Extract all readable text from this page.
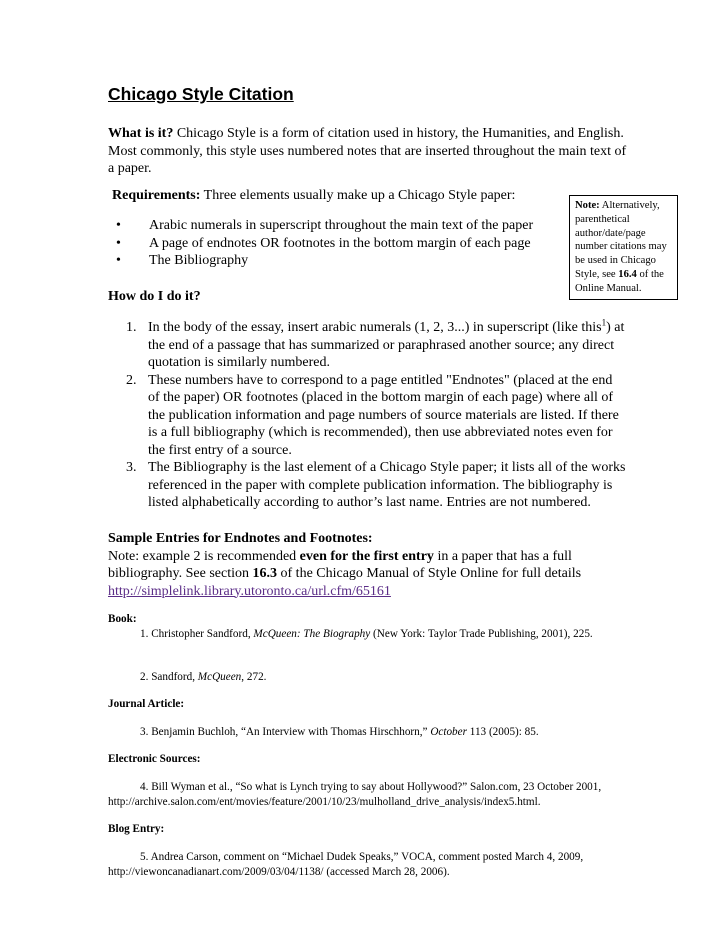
Chicago Style Citation
What is it? Chicago Style is a form of citation used in history, the Humanities, and English. Most commonly, this style uses numbered notes that are inserted throughout the main text of a paper.
Requirements: Three elements usually make up a Chicago Style paper:
• Arabic numerals in superscript throughout the main text of the paper
• A page of endnotes OR footnotes in the bottom margin of each page
• The Bibliography
Note: Alternatively, parenthetical author/date/page number citations may be used in Chicago Style, see 16.4 of the Online Manual.
How do I do it?
1. In the body of the essay, insert arabic numerals (1, 2, 3...) in superscript (like this$^1$) at the end of a passage that has summarized or paraphrased another source; any direct quotation is similarly numbered.
2. These numbers have to correspond to a page entitled "Endnotes" (placed at the end of the paper) OR footnotes (placed in the bottom margin of each page) where all of the publication information and page numbers of source materials are listed. If there is a full bibliography (which is recommended), then use abbreviated notes even for the first entry of a source.
3. The Bibliography is the last element of a Chicago Style paper; it lists all of the works referenced in the paper with complete publication information. The bibliography is listed alphabetically according to author’s last name. Entries are not numbered.
Sample Entries for Endnotes and Footnotes:
Note: example 2 is recommended even for the first entry in a paper that has a full bibliography. See section 16.3 of the Chicago Manual of Style Online for full details
http://simplelink.library.utoronto.ca/url.cfm/65161
Book:
1. Christopher Sandford, McQueen: The Biography (New York: Taylor Trade Publishing, 2001), 225.
2. Sandford, McQueen, 272.
Journal Article:
3. Benjamin Buchloh, “An Interview with Thomas Hirschhorn,” October 113 (2005): 85.
Electronic Sources:
4. Bill Wyman et al., “So what is Lynch trying to say about Hollywood?” Salon.com, 23 October 2001, http://archive.salon.com/ent/movies/feature/2001/10/23/mulholland_drive_analysis/index5.html.
Blog Entry:
5. Andrea Carson, comment on “Michael Dudek Speaks,” VOCA, comment posted March 4, 2009, http://viewoncanadianart.com/2009/03/04/1138/ (accessed March 28, 2006).
